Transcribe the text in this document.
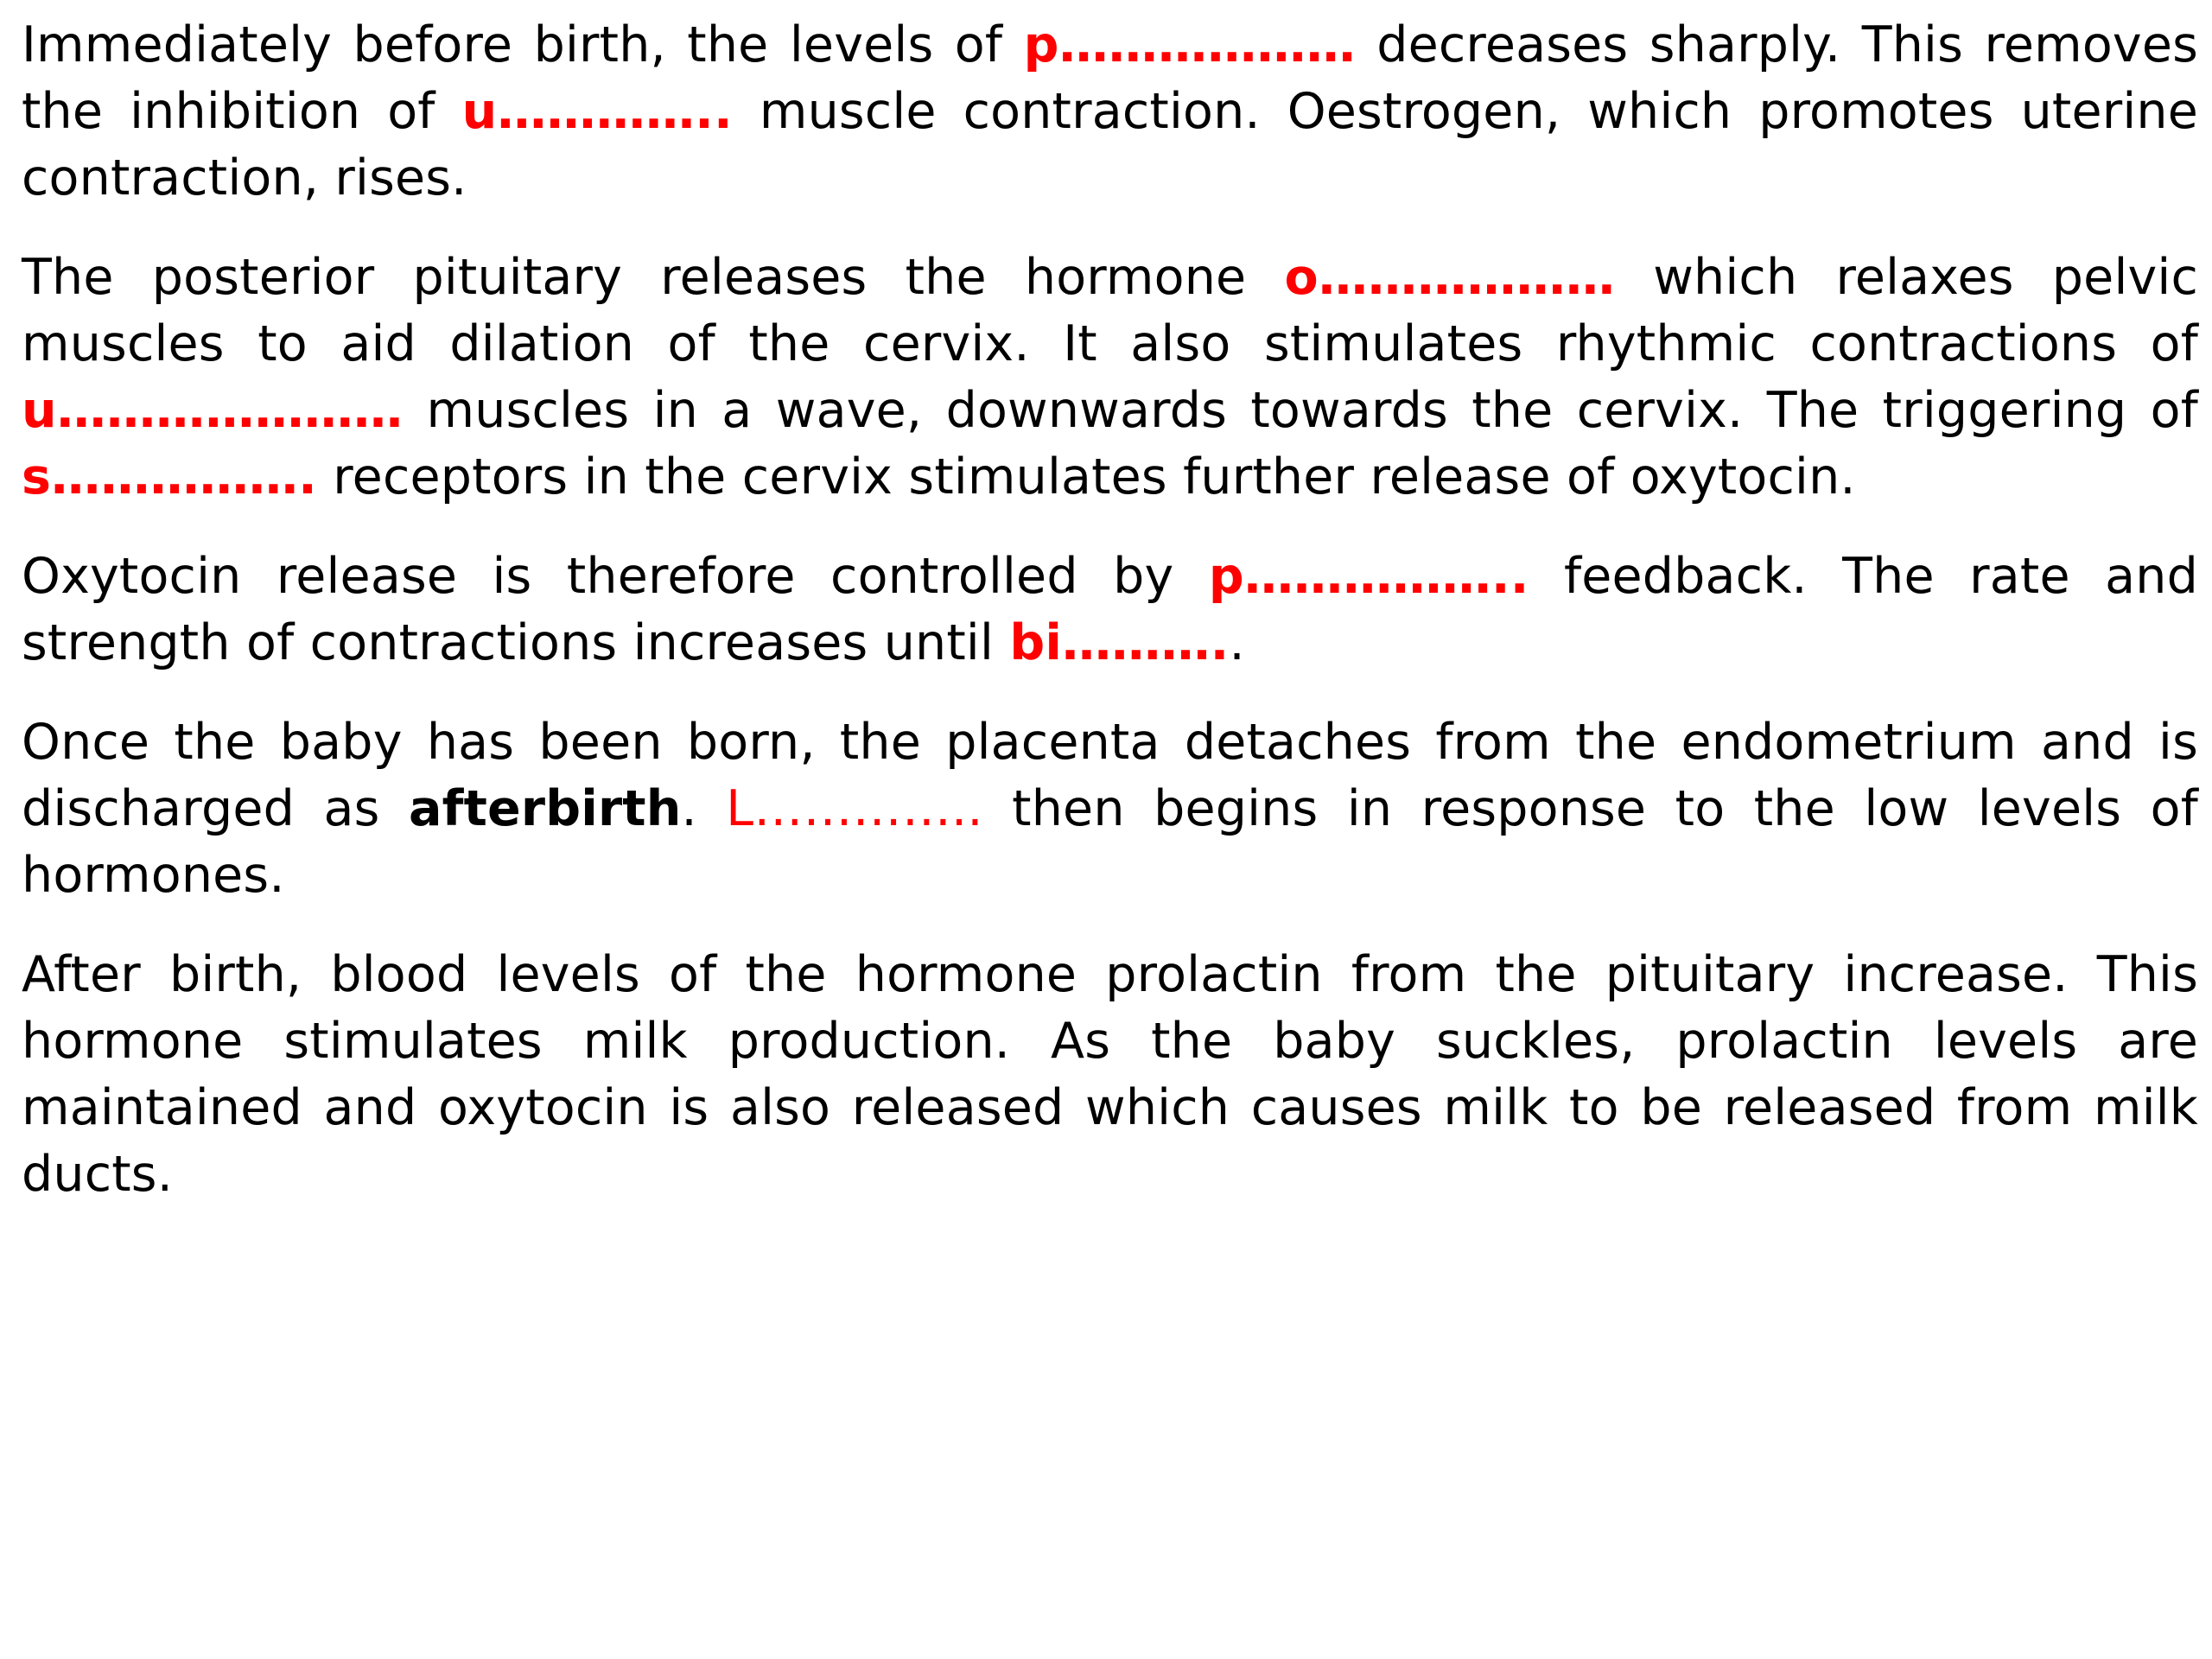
Immediately before birth, the levels of p……………… decreases sharply. This removes the inhibition of u………….. muscle contraction. Oestrogen, which promotes uterine contraction, rises.

The posterior pituitary releases the hormone o……………… which relaxes pelvic muscles to aid dilation of the cervix. It also stimulates rhythmic contractions of u………………… muscles in a wave, downwards towards the cervix. The triggering of s……………. receptors in the cervix stimulates further release of oxytocin.

Oxytocin release is therefore controlled by p…………….. feedback. The rate and strength of contractions increases until bi………..

Once the baby has been born, the placenta detaches from the endometrium and is discharged as afterbirth. L………….. then begins in response to the low levels of hormones.

After birth, blood levels of the hormone prolactin from the pituitary increase. This hormone stimulates milk production. As the baby suckles, prolactin levels are maintained and oxytocin is also released which causes milk to be released from milk ducts.
